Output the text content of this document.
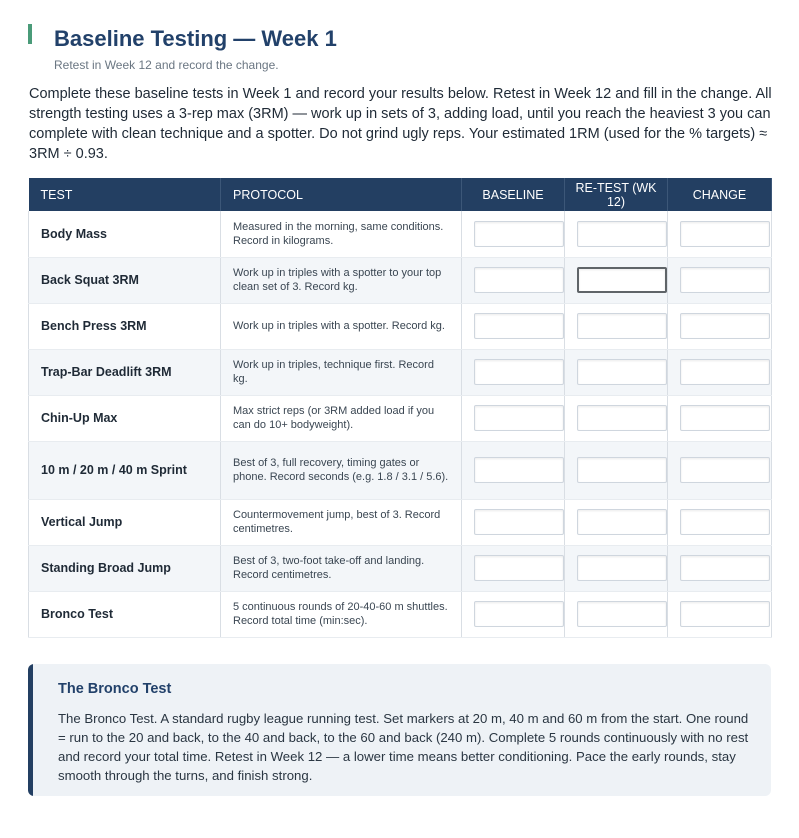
Baseline Testing — Week 1
Retest in Week 12 and record the change.

Complete these baseline tests in Week 1 and record your results below. Retest in Week 12 and fill in the change. All strength testing uses a 3-rep max (3RM) — work up in sets of 3, adding load, until you reach the heaviest 3 you can complete with clean technique and a spotter. Do not grind ugly reps. Your estimated 1RM (used for the % targets) ≈ 3RM ÷ 0.93.

TEST	PROTOCOL	BASELINE	RE-TEST (WK 12)	CHANGE
Body Mass	Measured in the morning, same conditions. Record in kilograms.	

Back Squat 3RM	Work up in triples with a spotter to your top clean set of 3. Record kg.	

Bench Press 3RM	Work up in triples with a spotter. Record kg.	

Trap-Bar Deadlift 3RM	Work up in triples, technique first. Record kg.	

Chin-Up Max	Max strict reps (or 3RM added load if you can do 10+ bodyweight).	

10 m / 20 m / 40 m Sprint	Best of 3, full recovery, timing gates or phone. Record seconds (e.g. 1.8 / 3.1 / 5.6).	

Vertical Jump	Countermovement jump, best of 3. Record centimetres.	

Standing Broad Jump	Best of 3, two-foot take-off and landing. Record centimetres.	

Bronco Test	5 continuous rounds of 20-40-60 m shuttles. Record total time (min:sec).	

The Bronco Test
The Bronco Test. A standard rugby league running test. Set markers at 20 m, 40 m and 60 m from the start. One round = run to the 20 and back, to the 40 and back, to the 60 and back (240 m). Complete 5 rounds continuously with no rest and record your total time. Retest in Week 12 — a lower time means better conditioning. Pace the early rounds, stay smooth through the turns, and finish strong.
